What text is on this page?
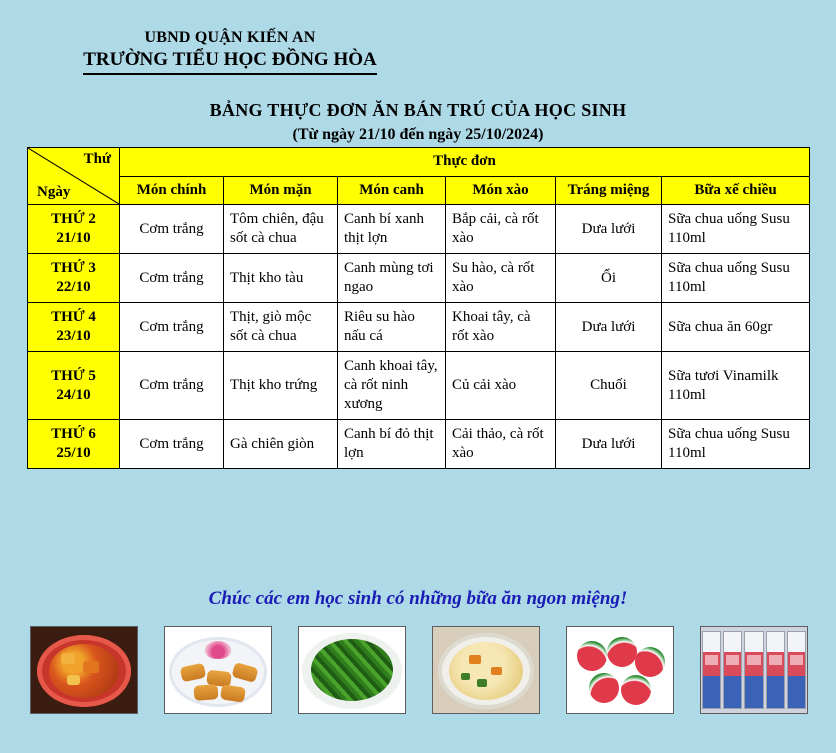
UBND QUẬN KIẾN AN
TRƯỜNG TIỂU HỌC ĐỒNG HÒA
BẢNG THỰC ĐƠN ĂN BÁN TRÚ CỦA HỌC SINH
(Từ ngày 21/10 đến ngày 25/10/2024)
Thứ
Ngày	Thực đơn					
	Món chính	Món mặn	Món canh	Món xào	Tráng miệng	Bữa xế chiều

THỨ 2
21/10	Cơm trắng	Tôm chiên, đậu sốt cà chua	Canh bí xanh thịt lợn	Bắp cải, cà rốt xào	Dưa lưới	Sữa chua uống Susu 110ml

THỨ 3
22/10	Cơm trắng	Thịt kho tàu	Canh mùng tơi ngao	Su hào, cà rốt xào	Ổi	Sữa chua uống Susu 110ml

THỨ 4
23/10	Cơm trắng	Thịt, giò mộc sốt cà chua	Riêu su hào nấu cá	Khoai tây, cà rốt xào	Dưa lưới	Sữa chua ăn 60gr

THỨ 5
24/10	Cơm trắng	Thịt kho trứng	Canh khoai tây, cà rốt ninh xương	Củ cải xào	Chuối	Sữa tươi Vinamilk 110ml

THỨ 6
25/10	Cơm trắng	Gà chiên giòn	Canh bí đỏ thịt lợn	Cải thảo, cà rốt xào	Dưa lưới	Sữa chua uống Susu 110ml
Chúc các em học sinh có những bữa ăn ngon miệng!
